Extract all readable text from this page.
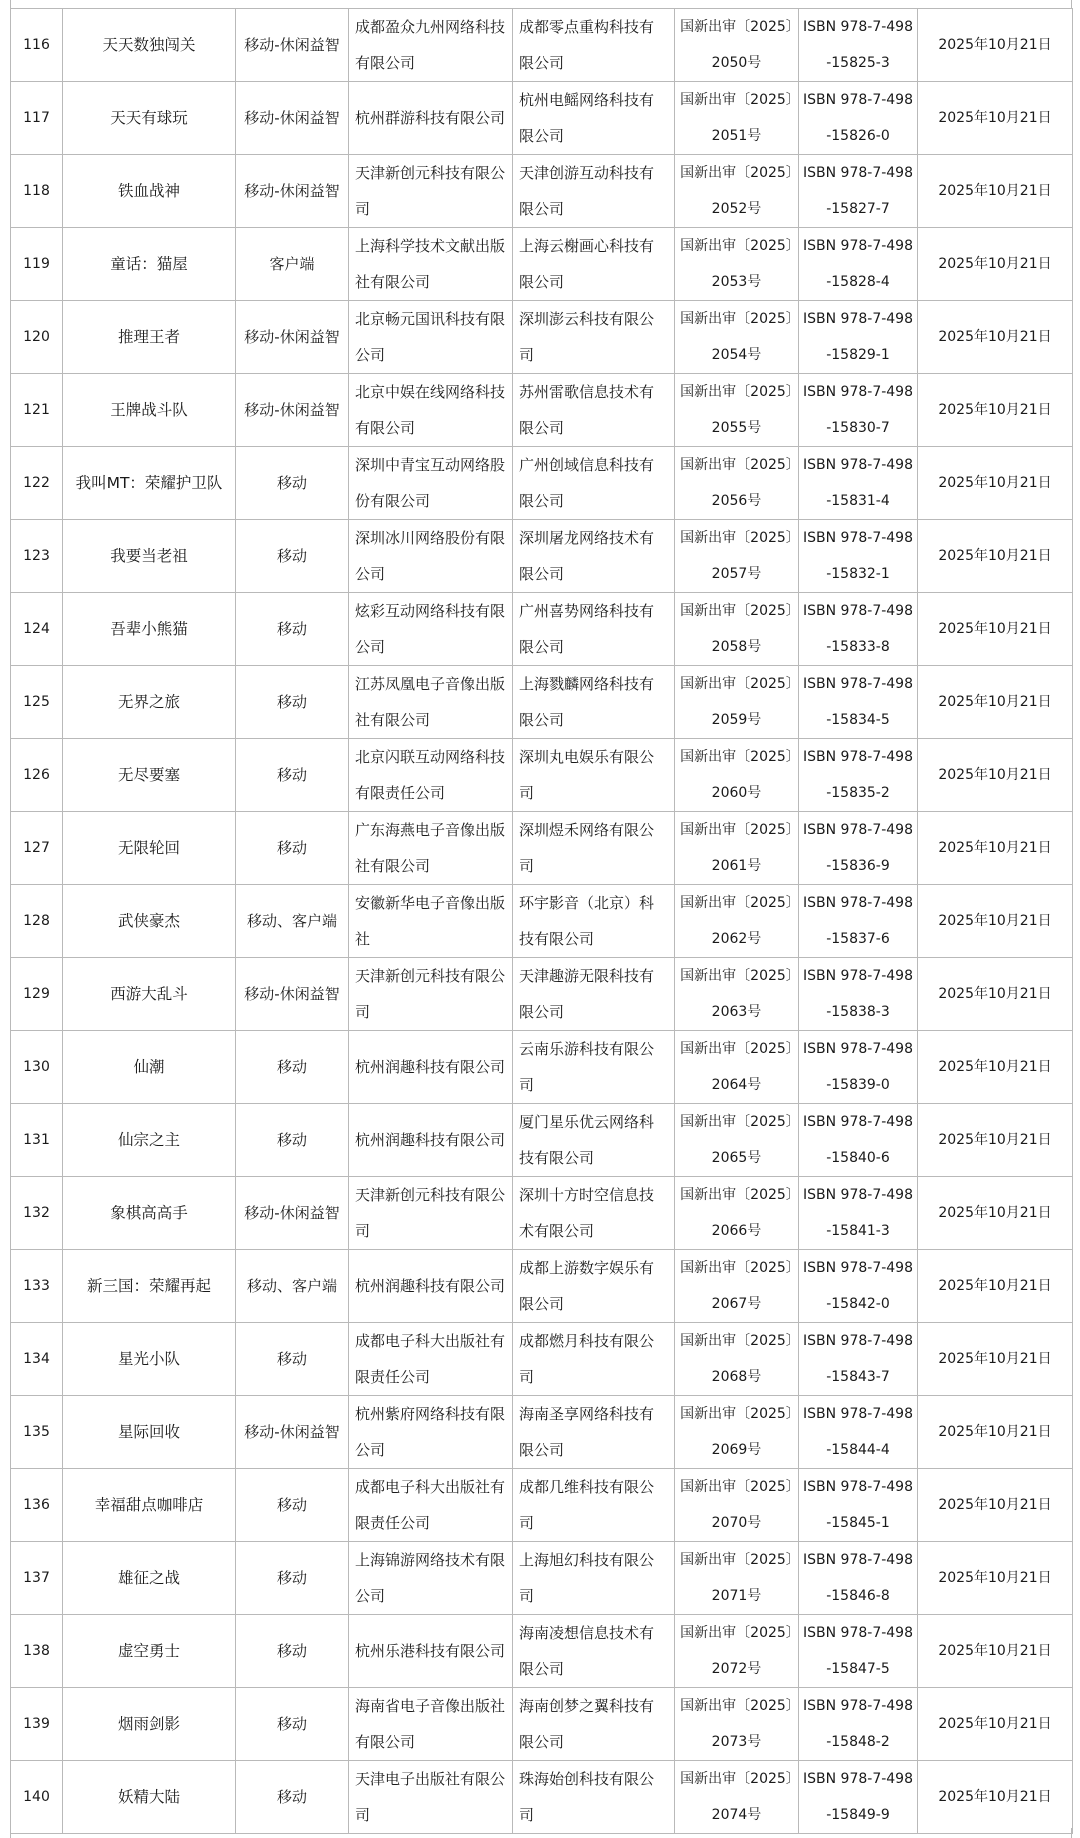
116	天天数独闯关	移动-休闲益智	成都盈众九州网络科技有限公司	成都零点重构科技有限公司	国新出审〔2025〕2050号	ISBN 978-7-498-15825-3	2025年10月21日
117	天天有球玩	移动-休闲益智	杭州群游科技有限公司	杭州电鳐网络科技有限公司	国新出审〔2025〕2051号	ISBN 978-7-498-15826-0	2025年10月21日
118	铁血战神	移动-休闲益智	天津新创元科技有限公司	天津创游互动科技有限公司	国新出审〔2025〕2052号	ISBN 978-7-498-15827-7	2025年10月21日
119	童话：猫屋	客户端	上海科学技术文献出版社有限公司	上海云榭画心科技有限公司	国新出审〔2025〕2053号	ISBN 978-7-498-15828-4	2025年10月21日
120	推理王者	移动-休闲益智	北京畅元国讯科技有限公司	深圳澎云科技有限公司	国新出审〔2025〕2054号	ISBN 978-7-498-15829-1	2025年10月21日
121	王牌战斗队	移动-休闲益智	北京中娱在线网络科技有限公司	苏州雷歌信息技术有限公司	国新出审〔2025〕2055号	ISBN 978-7-498-15830-7	2025年10月21日
122	我叫MT：荣耀护卫队	移动	深圳中青宝互动网络股份有限公司	广州创域信息科技有限公司	国新出审〔2025〕2056号	ISBN 978-7-498-15831-4	2025年10月21日
123	我要当老祖	移动	深圳冰川网络股份有限公司	深圳屠龙网络技术有限公司	国新出审〔2025〕2057号	ISBN 978-7-498-15832-1	2025年10月21日
124	吾辈小熊猫	移动	炫彩互动网络科技有限公司	广州喜势网络科技有限公司	国新出审〔2025〕2058号	ISBN 978-7-498-15833-8	2025年10月21日
125	无界之旅	移动	江苏凤凰电子音像出版社有限公司	上海戮麟网络科技有限公司	国新出审〔2025〕2059号	ISBN 978-7-498-15834-5	2025年10月21日
126	无尽要塞	移动	北京闪联互动网络科技有限责任公司	深圳丸电娱乐有限公司	国新出审〔2025〕2060号	ISBN 978-7-498-15835-2	2025年10月21日
127	无限轮回	移动	广东海燕电子音像出版社有限公司	深圳煜禾网络有限公司	国新出审〔2025〕2061号	ISBN 978-7-498-15836-9	2025年10月21日
128	武侠豪杰	移动、客户端	安徽新华电子音像出版社	环宇影音（北京）科技有限公司	国新出审〔2025〕2062号	ISBN 978-7-498-15837-6	2025年10月21日
129	西游大乱斗	移动-休闲益智	天津新创元科技有限公司	天津趣游无限科技有限公司	国新出审〔2025〕2063号	ISBN 978-7-498-15838-3	2025年10月21日
130	仙潮	移动	杭州润趣科技有限公司	云南乐游科技有限公司	国新出审〔2025〕2064号	ISBN 978-7-498-15839-0	2025年10月21日
131	仙宗之主	移动	杭州润趣科技有限公司	厦门星乐优云网络科技有限公司	国新出审〔2025〕2065号	ISBN 978-7-498-15840-6	2025年10月21日
132	象棋高高手	移动-休闲益智	天津新创元科技有限公司	深圳十方时空信息技术有限公司	国新出审〔2025〕2066号	ISBN 978-7-498-15841-3	2025年10月21日
133	新三国：荣耀再起	移动、客户端	杭州润趣科技有限公司	成都上游数字娱乐有限公司	国新出审〔2025〕2067号	ISBN 978-7-498-15842-0	2025年10月21日
134	星光小队	移动	成都电子科大出版社有限责任公司	成都燃月科技有限公司	国新出审〔2025〕2068号	ISBN 978-7-498-15843-7	2025年10月21日
135	星际回收	移动-休闲益智	杭州紫府网络科技有限公司	海南圣享网络科技有限公司	国新出审〔2025〕2069号	ISBN 978-7-498-15844-4	2025年10月21日
136	幸福甜点咖啡店	移动	成都电子科大出版社有限责任公司	成都几维科技有限公司	国新出审〔2025〕2070号	ISBN 978-7-498-15845-1	2025年10月21日
137	雄征之战	移动	上海锦游网络技术有限公司	上海旭幻科技有限公司	国新出审〔2025〕2071号	ISBN 978-7-498-15846-8	2025年10月21日
138	虚空勇士	移动	杭州乐港科技有限公司	海南凌想信息技术有限公司	国新出审〔2025〕2072号	ISBN 978-7-498-15847-5	2025年10月21日
139	烟雨剑影	移动	海南省电子音像出版社有限公司	海南创梦之翼科技有限公司	国新出审〔2025〕2073号	ISBN 978-7-498-15848-2	2025年10月21日
140	妖精大陆	移动	天津电子出版社有限公司	珠海始创科技有限公司	国新出审〔2025〕2074号	ISBN 978-7-498-15849-9	2025年10月21日
